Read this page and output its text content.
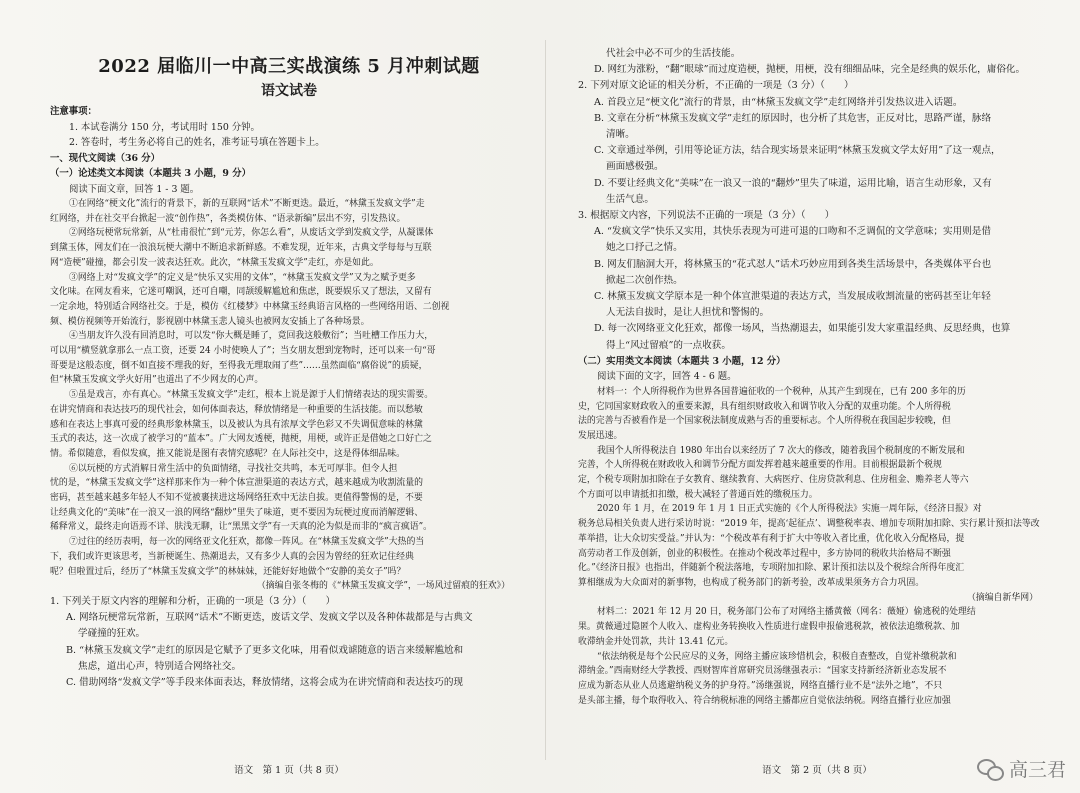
2022 届临川一中高三实战演练 5 月冲刺试题
语文试卷

注意事项：

1. 本试卷满分 150 分，考试用时 150 分钟。

2. 答卷时，考生务必将自己的姓名，准考证号填在答题卡上。

一、现代文阅读（36 分）

（一）论述类文本阅读（本题共 3 小题，9 分）

阅读下面文章，回答 1 - 3 题。

①在网络“梗文化”流行的背景下，新的互联网“话术”不断更迭。最近，“林黛玉发疯文学”走

红网络，并在社交平台掀起一波“创作热”，各类模仿体、“语录新编”层出不穷，引发热议。

②网络玩梗常玩常新，从“杜甫很忙”到“元芳，你怎么看”，从废话文学到发疯文学，从凝课体

到黛玉体，网友们在一浪浪玩梗大潮中不断追求新鲜感。不难发现，近年来，古典文学每每与互联

网“造梗”碰撞，都会引发一波表达狂欢。此次，“林黛玉发疯文学”走红，亦是如此。

③网络上对“发疯文学”的定义是“快乐又实用的文体”，“林黛玉发疯文学”又为之赋予更多

文化味。在网友看来，它迷可嘲讽，还可自嘲，同颉缓解尴尬和焦虑，既要娱乐又了想法，又留有

一定余地，特别适合网络社交。于是，模仿《红楼梦》中林黛玉经典语言风格的一些网络用语、二创视

频、模仿视频等开始流行，影视剧中林黛玉悲人镜头也被网友安插上了各种场景。

④当朋友许久没有回消息时，可以发“你大概是睡了，竟回我这般敷衍”；当吐槽工作压力大，

可以用“横竖就拿那么一点工资，还要 24 小时使唤人了”；当女朋友想到宠物时，还可以来一句“哥

哥要是这般态度，倒不如直接不理我的好，至得我无理取闹了些”……虽然面临“腐俗说”的质疑，

但“林黛玉发疯文学火好用”也道出了不少网友的心声。

⑤虽是戏言，亦有真心。“林黛玉发疯文学”走红，根本上说是源于人们情绪表达的现实需要。

在讲究情商和表达技巧的现代社会，如何体面表达，释放情绪是一种重要的生活技能。而以愁敏

感和在表达上事真可爱的经典形象林黛玉，以及被认为具有浓厚文学色彩又不失调侃意味的林黛

玉式的表达，这一次成了被学习的“蓝本”。广大网友透梗，抛梗，用梗，或许正是借她之口好亡之

情。希似随意，看似发疯，推又能说是图有表情究感呢？在人际社交中，这是得体细品味。

⑥以玩梗的方式消解日常生活中的负面情绪，寻找社交共鸣，本无可厚非。但令人担

忧的是，“林黛玉发疯文学”这样那来作为一种个体宣泄渠道的表达方式，越来越成为收割流量的

密码，甚至越来越多年轻人不知不觉被裹挟进这场网络狂欢中无法自拔。更值得警惕的是，不要

让经典文化的“美味”在一浪又一浪的网络“翻炒”里失了味道，更不要因为玩梗过度而消解逻辑、

稀释常义，最终走向语焉不详、肤浅无聊，让“黑黑文学”有一天真的沦为似是而非的“疯言疯语”。

⑦过往的经历表明，每一次的网络亚文化狂欢，都像一阵风。在“林黛玉发疯文学”大热的当

下，我们或许更该思考，当新梗诞生、热潮退去，又有多少人真的会因为曾经的狂欢记住经典

呢？但啦置过后，经历了“林黛玉发疯文学”的林妹妹，还能好好地做个“安静的美女子”吗？

（摘编自张冬梅的《“林黛玉发疯文学”，一场风过留痕的狂欢》）

1. 下列关于原文内容的理解和分析，正确的一项是（3 分）（　　）

A. 网络玩梗常玩常新，互联网“话术”不断更迭，废话文学、发疯文学以及各种体裁都是与古典文

学碰撞的狂欢。

B. “林黛玉发疯文学”走红的原因是它赋予了更多文化味，用看似戏谑随意的语言来缓解尴尬和

焦虑，道出心声，特别适合网络社交。

C. 借助网络“发疯文学”等手段来体面表达，释放情绪，这将会成为在讲究情商和表达技巧的现

语文　第 1 页（共 8 页）

代社会中必不可少的生活技能。

D. 网红为涨粉，“翻”眼球”而过度造梗，抛梗，用梗，没有细细品味，完全是经典的娱乐化，庸俗化。

2. 下列对原文论证的相关分析，不正确的一项是（3 分）（　　）

A. 首段立足“梗文化”流行的背景，由“林黛玉发疯文学”走红网络并引发热议进入话题。

B. 文章在分析“林黛玉发疯文学”走红的原因时，也分析了其危害，正反对比，思路严谨，脉络

清晰。

C. 文章通过举例，引用等论证方法，结合现实场景来证明“林黛玉发疯文学太好用”了这一观点，

画面感极强。

D. 不要让经典文化“美味”在一浪又一浪的“翻炒”里失了味道，运用比喻，语言生动形象，又有

生活气息。

3. 根据原文内容，下列说法不正确的一项是（3 分）（　　）

A. “发疯文学”快乐又实用，其快乐表现为可进可退的口吻和不乏调侃的文学意味；实用则是借

她之口抒己之情。

B. 网友们脑洞大开，将林黛玉的“花式怼人”话术巧妙应用到各类生活场景中，各类媒体平台也

掀起二次创作热。

C. 林黛玉发疯文学原本是一种个体宣泄渠道的表达方式，当发展成收割流量的密码甚至让年轻

人无法自拔时，是让人担忧和警惕的。

D. 每一次网络亚文化狂欢，都像一场风，当热潮退去，如果能引发大家重温经典、反思经典，也算

得上“风过留痕”的一点收获。

（二）实用类文本阅读（本题共 3 小题，12 分）

阅读下面的文字，回答 4 - 6 题。

材料一：个人所得税作为世界各国普遍征收的一个税种，从其产生到现在，已有 200 多年的历

史，它同国家财政收入的重要来源，具有组织财政收入和调节收入分配的双重功能。个人所得税

法的完善与否被看作是一个国家税法制度成熟与否的重要标志。个人所得税在我国起步较晚，但

发展迅速。

我国个人所得税法自 1980 年出台以来经历了 7 次大的修改，随着我国个税制度的不断发展和

完善，个人所得税在财政收入和调节分配方面发挥着越来越重要的作用。目前根据最新个税规

定，个税专项附加扣除在子女教育、继续教育、大病医疗、住房贷款利息、住房租金、赡养老人等六

个方面可以申请抵扣扣缴，极大减轻了普通百姓的缴税压力。

2020 年 1 月，在 2019 年 1 月 1 日正式实施的《个人所得税法》实施一周年际，《经济日报》对

税务总局相关负责人进行采访时说：“2019 年，提高‘起征点’、调整税率表、增加专项附加扣除、实行累计预扣法等改

革举措，让大众切实受益。”并认为：“个税改革有利于扩大中等收入者比重，优化收入分配格局，提

高劳动者工作及创新，创业的积极性。在推动个税改革过程中，多方协同的税收共治格局不断强

化。”《经济日报》也指出，伴随新个税法落地，专项附加扣除、累计预扣法以及个税综合所得年度汇

算相继成为大众面对的新事物，也构成了税务部门的新考验，改革成果须务方合力巩固。

（摘编自新华网）

材料二：2021 年 12 月 20 日，税务部门公布了对网络主播黄薇（网名：薇娅）偷逃税的处理结

果。黄薇通过隐匿个人收入、虚构业务转换收入性质进行虚假申报偷逃税款，被依法追缴税款、加

收滞纳金并处罚款，共计 13.41 亿元。

“依法纳税是每个公民应尽的义务，网络主播应该珍惜机会，积极自查整改，自觉补缴税款和

滞纳金。”西南财经大学教授、西财智库首席研究员汤继强表示：“国家支持新经济新业态发展不

应成为新态从业人员逃避纳税义务的护身符。”汤继强说，网络直播行业不是“法外之地”，不只

是头部主播，每个取得收入、符合纳税标准的网络主播都应自觉依法纳税。网络直播行业应加强

语文　第 2 页（共 8 页）	高三君
